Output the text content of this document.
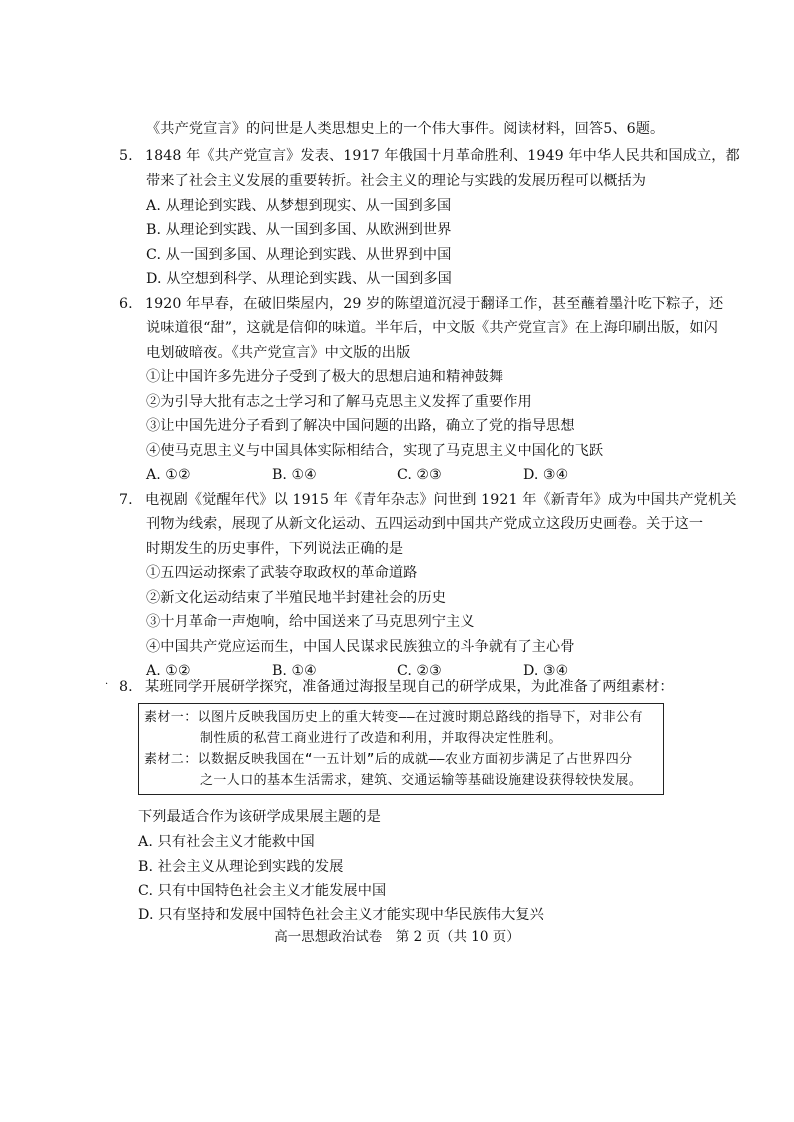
《共产党宣言》的问世是人类思想史上的一个伟大事件。阅读材料，回答5、6题。
5. 1848 年《共产党宣言》发表、1917 年俄国十月革命胜利、1949 年中华人民共和国成立，都
带来了社会主义发展的重要转折。社会主义的理论与实践的发展历程可以概括为
A. 从理论到实践、从梦想到现实、从一国到多国
B. 从理论到实践、从一国到多国、从欧洲到世界
C. 从一国到多国、从理论到实践、从世界到中国
D. 从空想到科学、从理论到实践、从一国到多国
6. 1920 年早春，在破旧柴屋内，29 岁的陈望道沉浸于翻译工作，甚至蘸着墨汁吃下粽子，还
说味道很“甜”，这就是信仰的味道。半年后，中文版《共产党宣言》在上海印刷出版，如闪
电划破暗夜。《共产党宣言》中文版的出版
①让中国许多先进分子受到了极大的思想启迪和精神鼓舞
②为引导大批有志之士学习和了解马克思主义发挥了重要作用
③让中国先进分子看到了解决中国问题的出路，确立了党的指导思想
④使马克思主义与中国具体实际相结合，实现了马克思主义中国化的飞跃
A. ①②	B. ①④	C. ②③	D. ③④
7. 电视剧《觉醒年代》以 1915 年《青年杂志》问世到 1921 年《新青年》成为中国共产党机关
刊物为线索，展现了从新文化运动、五四运动到中国共产党成立这段历史画卷。关于这一
时期发生的历史事件，下列说法正确的是
①五四运动探索了武装夺取政权的革命道路
②新文化运动结束了半殖民地半封建社会的历史
③十月革命一声炮响，给中国送来了马克思列宁主义
④中国共产党应运而生，中国人民谋求民族独立的斗争就有了主心骨
A. ①②	B. ①④	C. ②③	D. ③④
· 8. 某班同学开展研学探究，准备通过海报呈现自己的研学成果，为此准备了两组素材：
素材一：以图片反映我国历史上的重大转变——在过渡时期总路线的指导下，对非公有
制性质的私营工商业进行了改造和利用，并取得决定性胜利。
素材二：以数据反映我国在“一五计划”后的成就——农业方面初步满足了占世界四分
之一人口的基本生活需求，建筑、交通运输等基础设施建设获得较快发展。
下列最适合作为该研学成果展主题的是
A. 只有社会主义才能救中国
B. 社会主义从理论到实践的发展
C. 只有中国特色社会主义才能发展中国
D. 只有坚持和发展中国特色社会主义才能实现中华民族伟大复兴
高一思想政治试卷　第 2 页（共 10 页）
